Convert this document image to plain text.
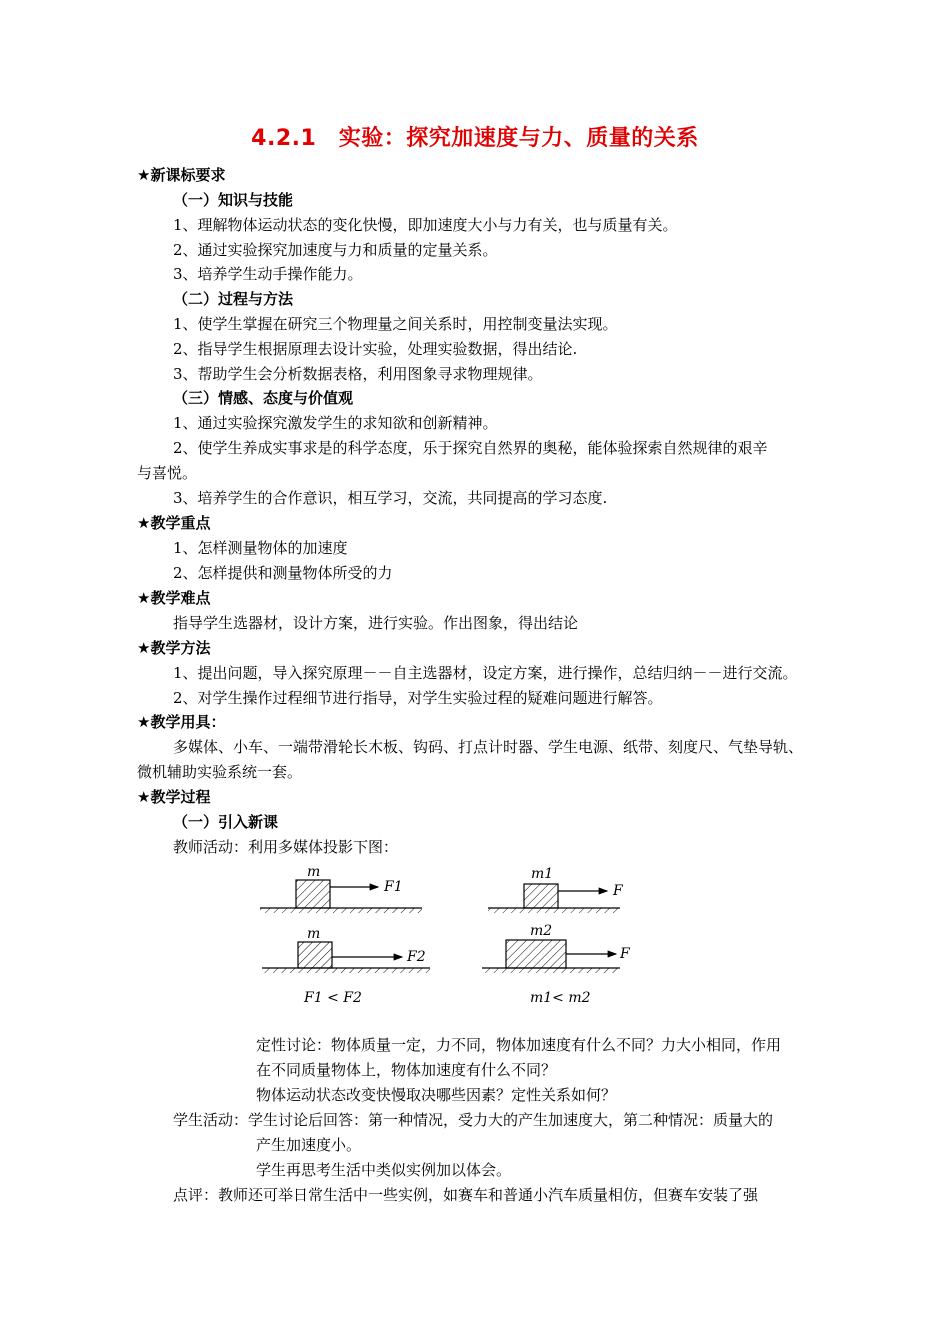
4.2.1　实验：探究加速度与力、质量的关系
★新课标要求
（一）知识与技能
1、理解物体运动状态的变化快慢，即加速度大小与力有关，也与质量有关。
2、通过实验探究加速度与力和质量的定量关系。
3、培养学生动手操作能力。
（二）过程与方法
1、使学生掌握在研究三个物理量之间关系时，用控制变量法实现。
2、指导学生根据原理去设计实验，处理实验数据，得出结论.
3、帮助学生会分析数据表格，利用图象寻求物理规律。
（三）情感、态度与价值观
1、通过实验探究激发学生的求知欲和创新精神。
2、使学生养成实事求是的科学态度，乐于探究自然界的奥秘，能体验探索自然规律的艰辛
与喜悦。
3、培养学生的合作意识，相互学习，交流，共同提高的学习态度.
★教学重点
1、怎样测量物体的加速度
2、怎样提供和测量物体所受的力
★教学难点
指导学生选器材，设计方案，进行实验。作出图象，得出结论
★教学方法
1、提出问题，导入探究原理－－自主选器材，设定方案，进行操作，总结归纳－－进行交流。
2、对学生操作过程细节进行指导，对学生实验过程的疑难问题进行解答。
★教学用具：
多媒体、小车、一端带滑轮长木板、钩码、打点计时器、学生电源、纸带、刻度尺、气垫导轨、
微机辅助实验系统一套。
★教学过程
（一）引入新课
教师活动：利用多媒体投影下图：
m
F1
m1
F
m
F2
m2
F
F1 < F2	m1< m2
定性讨论：物体质量一定，力不同，物体加速度有什么不同？力大小相同，作用
在不同质量物体上，物体加速度有什么不同？
物体运动状态改变快慢取决哪些因素？定性关系如何？
学生活动：学生讨论后回答：第一种情况，受力大的产生加速度大，第二种情况：质量大的
产生加速度小。
学生再思考生活中类似实例加以体会。
点评：教师还可举日常生活中一些实例，如赛车和普通小汽车质量相仿，但赛车安装了强
